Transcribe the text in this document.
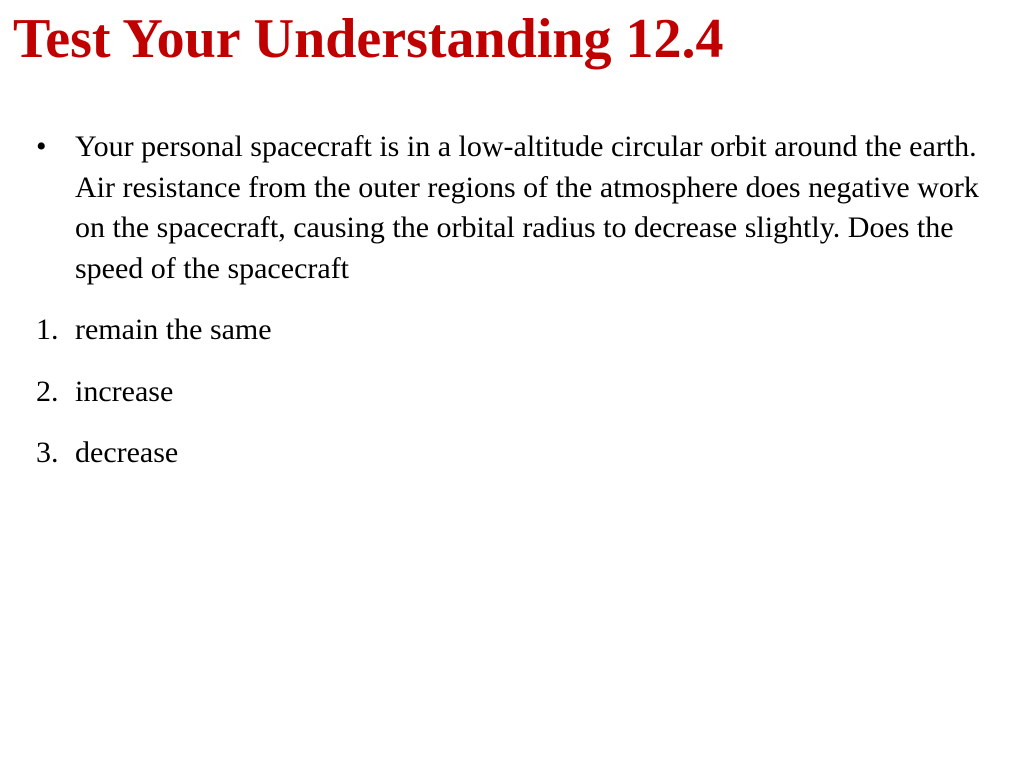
Test Your Understanding 12.4
• Your personal spacecraft is in a low-altitude circular orbit around the earth. Air resistance from the outer regions of the atmosphere does negative work on the spacecraft, causing the orbital radius to decrease slightly. Does the speed of the spacecraft
1. remain the same
2. increase
3. decrease
